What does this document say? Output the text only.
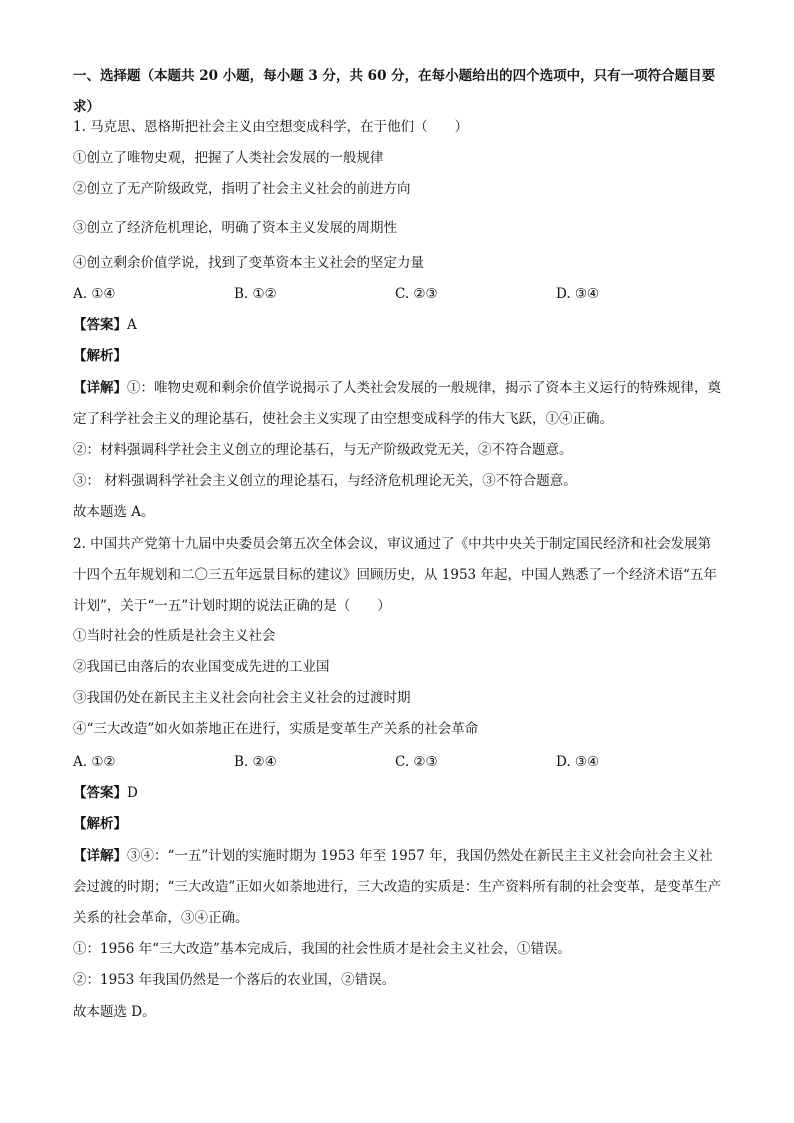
一、选择题（本题共 20 小题，每小题 3 分，共 60 分，在每小题给出的四个选项中，只有一项符合题目要求）
1. 马克思、恩格斯把社会主义由空想变成科学，在于他们（　　）
①创立了唯物史观，把握了人类社会发展的一般规律
②创立了无产阶级政党，指明了社会主义社会的前进方向
③创立了经济危机理论，明确了资本主义发展的周期性
④创立剩余价值学说，找到了变革资本主义社会的坚定力量
A. ①④	B. ①②	C. ②③	D. ③④
【答案】A
【解析】
【详解】①：唯物史观和剩余价值学说揭示了人类社会发展的一般规律，揭示了资本主义运行的特殊规律，奠定了科学社会主义的理论基石，使社会主义实现了由空想变成科学的伟大飞跃，①④正确。
②：材料强调科学社会主义创立的理论基石，与无产阶级政党无关，②不符合题意。
③： 材料强调科学社会主义创立的理论基石，与经济危机理论无关，③不符合题意。
故本题选 A。
2. 中国共产党第十九届中央委员会第五次全体会议，审议通过了《中共中央关于制定国民经济和社会发展第十四个五年规划和二〇三五年远景目标的建议》回顾历史，从 1953 年起，中国人熟悉了一个经济术语“五年计划”，关于“一五”计划时期的说法正确的是（　　）
①当时社会的性质是社会主义社会
②我国已由落后的农业国变成先进的工业国
③我国仍处在新民主主义社会向社会主义社会的过渡时期
④“三大改造”如火如荼地正在进行，实质是变革生产关系的社会革命
A. ①②	B. ②④	C. ②③	D. ③④
【答案】D
【解析】
【详解】③④：“一五”计划的实施时期为 1953 年至 1957 年，我国仍然处在新民主主义社会向社会主义社会过渡的时期；“三大改造”正如火如荼地进行，三大改造的实质是：生产资料所有制的社会变革，是变革生产关系的社会革命，③④正确。
①：1956 年“三大改造”基本完成后，我国的社会性质才是社会主义社会，①错误。
②：1953 年我国仍然是一个落后的农业国，②错误。
故本题选 D。
